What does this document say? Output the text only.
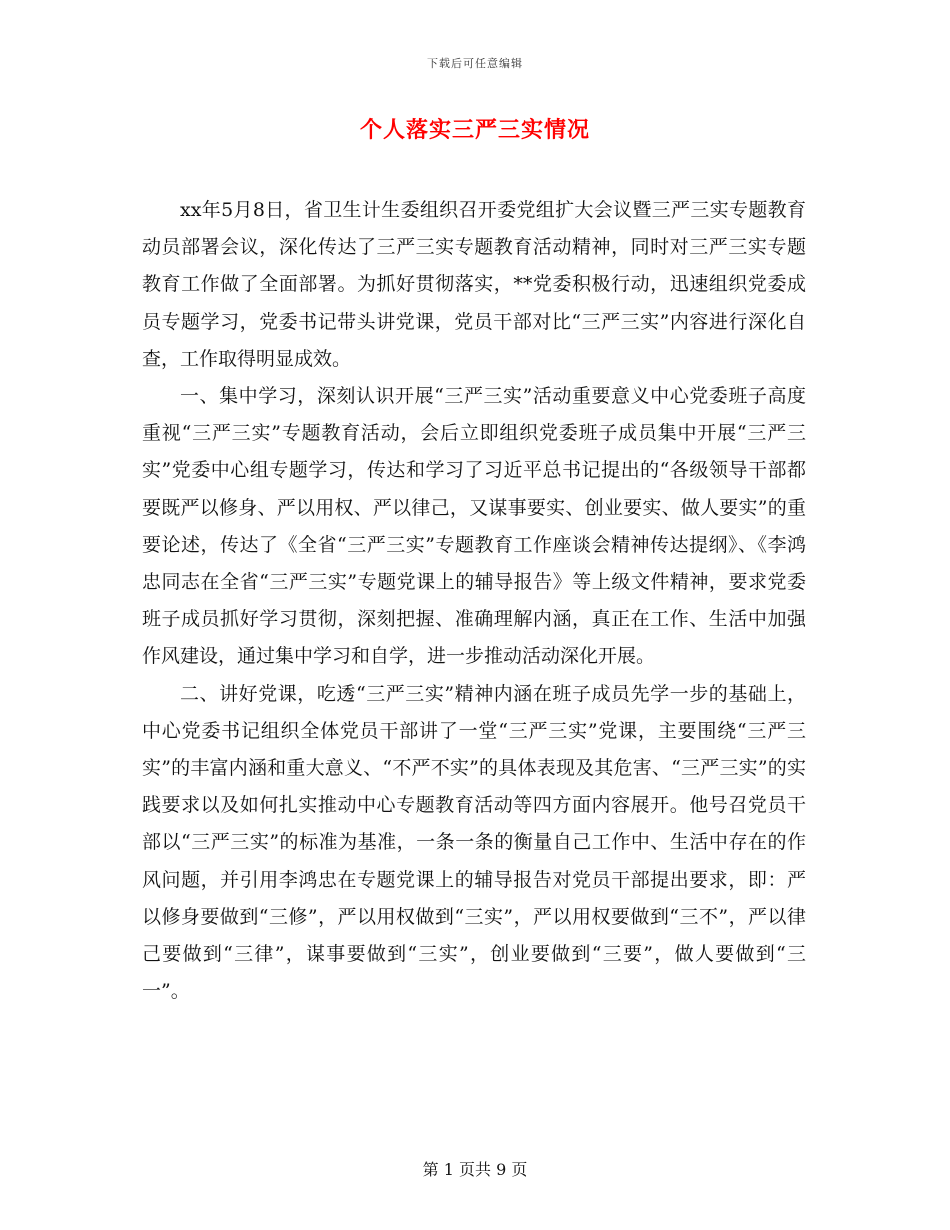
下载后可任意编辑
个人落实三严三实情况

xx年5月8日，省卫生计生委组织召开委党组扩大会议暨三严三实专题教育动员部署会议，深化传达了三严三实专题教育活动精神，同时对三严三实专题教育工作做了全面部署。为抓好贯彻落实，**党委积极行动，迅速组织党委成员专题学习，党委书记带头讲党课，党员干部对比“三严三实”内容进行深化自查，工作取得明显成效。

一、集中学习，深刻认识开展“三严三实”活动重要意义中心党委班子高度重视“三严三实”专题教育活动，会后立即组织党委班子成员集中开展“三严三实”党委中心组专题学习，传达和学习了习近平总书记提出的“各级领导干部都要既严以修身、严以用权、严以律己，又谋事要实、创业要实、做人要实”的重要论述，传达了《全省“三严三实”专题教育工作座谈会精神传达提纲》、《李鸿忠同志在全省“三严三实”专题党课上的辅导报告》等上级文件精神，要求党委班子成员抓好学习贯彻，深刻把握、准确理解内涵，真正在工作、生活中加强作风建设，通过集中学习和自学，进一步推动活动深化开展。

二、讲好党课，吃透“三严三实”精神内涵在班子成员先学一步的基础上，中心党委书记组织全体党员干部讲了一堂“三严三实”党课，主要围绕“三严三实”的丰富内涵和重大意义、“不严不实”的具体表现及其危害、“三严三实”的实践要求以及如何扎实推动中心专题教育活动等四方面内容展开。他号召党员干部以“三严三实”的标准为基准，一条一条的衡量自己工作中、生活中存在的作风问题，并引用李鸿忠在专题党课上的辅导报告对党员干部提出要求，即：严以修身要做到“三修”，严以用权做到“三实”，严以用权要做到“三不”，严以律己要做到“三律”，谋事要做到“三实”，创业要做到“三要”，做人要做到“三一”。

第 1 页共 9 页
